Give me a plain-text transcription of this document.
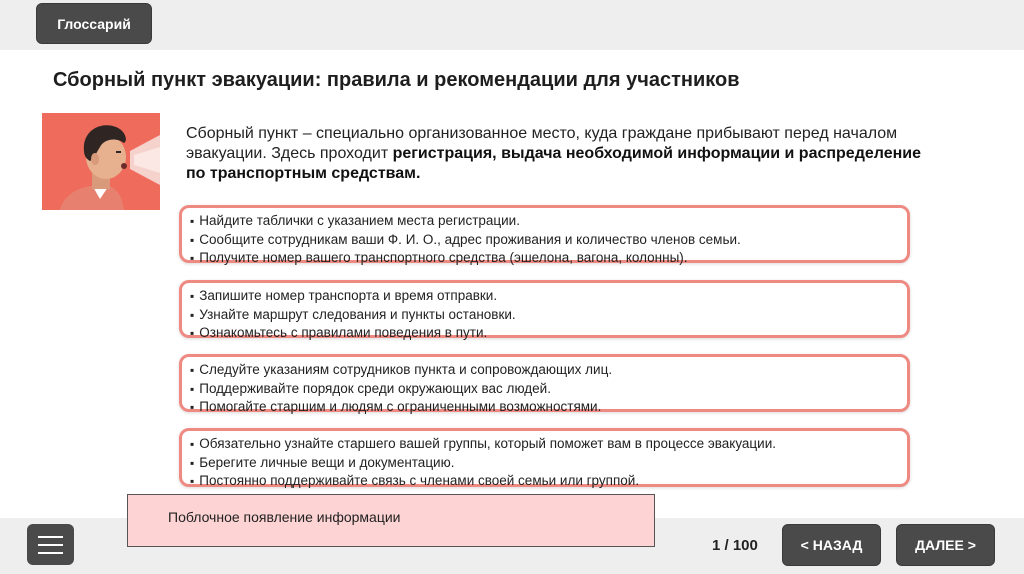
Глоссарий
Сборный пункт эвакуации: правила и рекомендации для участников
Сборный пункт – специально организованное место, куда граждане прибывают перед началом эвакуации. Здесь проходит регистрация, выдача необходимой информации и распределение по транспортным средствам.
▪ Найдите таблички с указанием места регистрации.
▪ Сообщите сотрудникам ваши Ф. И. О., адрес проживания и количество членов семьи.
▪ Получите номер вашего транспортного средства (эшелона, вагона, колонны).
▪ Запишите номер транспорта и время отправки.
▪ Узнайте маршрут следования и пункты остановки.
▪ Ознакомьтесь с правилами поведения в пути.
▪ Следуйте указаниям сотрудников пункта и сопровождающих лиц.
▪ Поддерживайте порядок среди окружающих вас людей.
▪ Помогайте старшим и людям с ограниченными возможностями.
▪ Обязательно узнайте старшего вашей группы, который поможет вам в процессе эвакуации.
▪ Берегите личные вещи и документацию.
▪ Постоянно поддерживайте связь с членами своей семьи или группой.
Поблочное появление информации
1 / 100	< НАЗАД	ДАЛЕЕ >
